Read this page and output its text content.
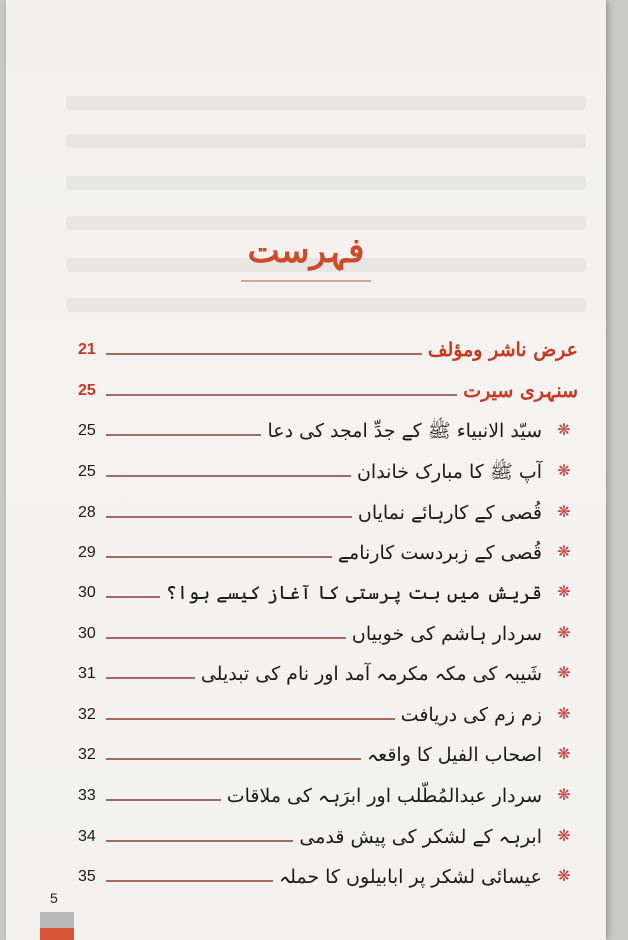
فہرست
عرض ناشر ومؤلف
21
سنہری سیرت
25
❋
سیّد الانبیاء ﷺ کے جدِّ امجد کی دعا
25
❋
آپ ﷺ کا مبارک خاندان
25
❋
قُصی کے کارہائے نمایاں
28
❋
قُصی کے زبردست کارنامے
29
❋
قریش میں بت پرستی کا آغاز کیسے ہوا؟
30
❋
سردار ہاشم کی خوبیاں
30
❋
شَیبہ کی مکہ مکرمہ آمد اور نام کی تبدیلی
31
❋
زم زم کی دریافت
32
❋
اصحاب الفیل کا واقعہ
32
❋
سردار عبدالمُطّلب اور ابرَہہ کی ملاقات
33
❋
ابرہہ کے لشکر کی پیش قدمی
34
❋
عیسائی لشکر پر ابابیلوں کا حملہ
35
5
